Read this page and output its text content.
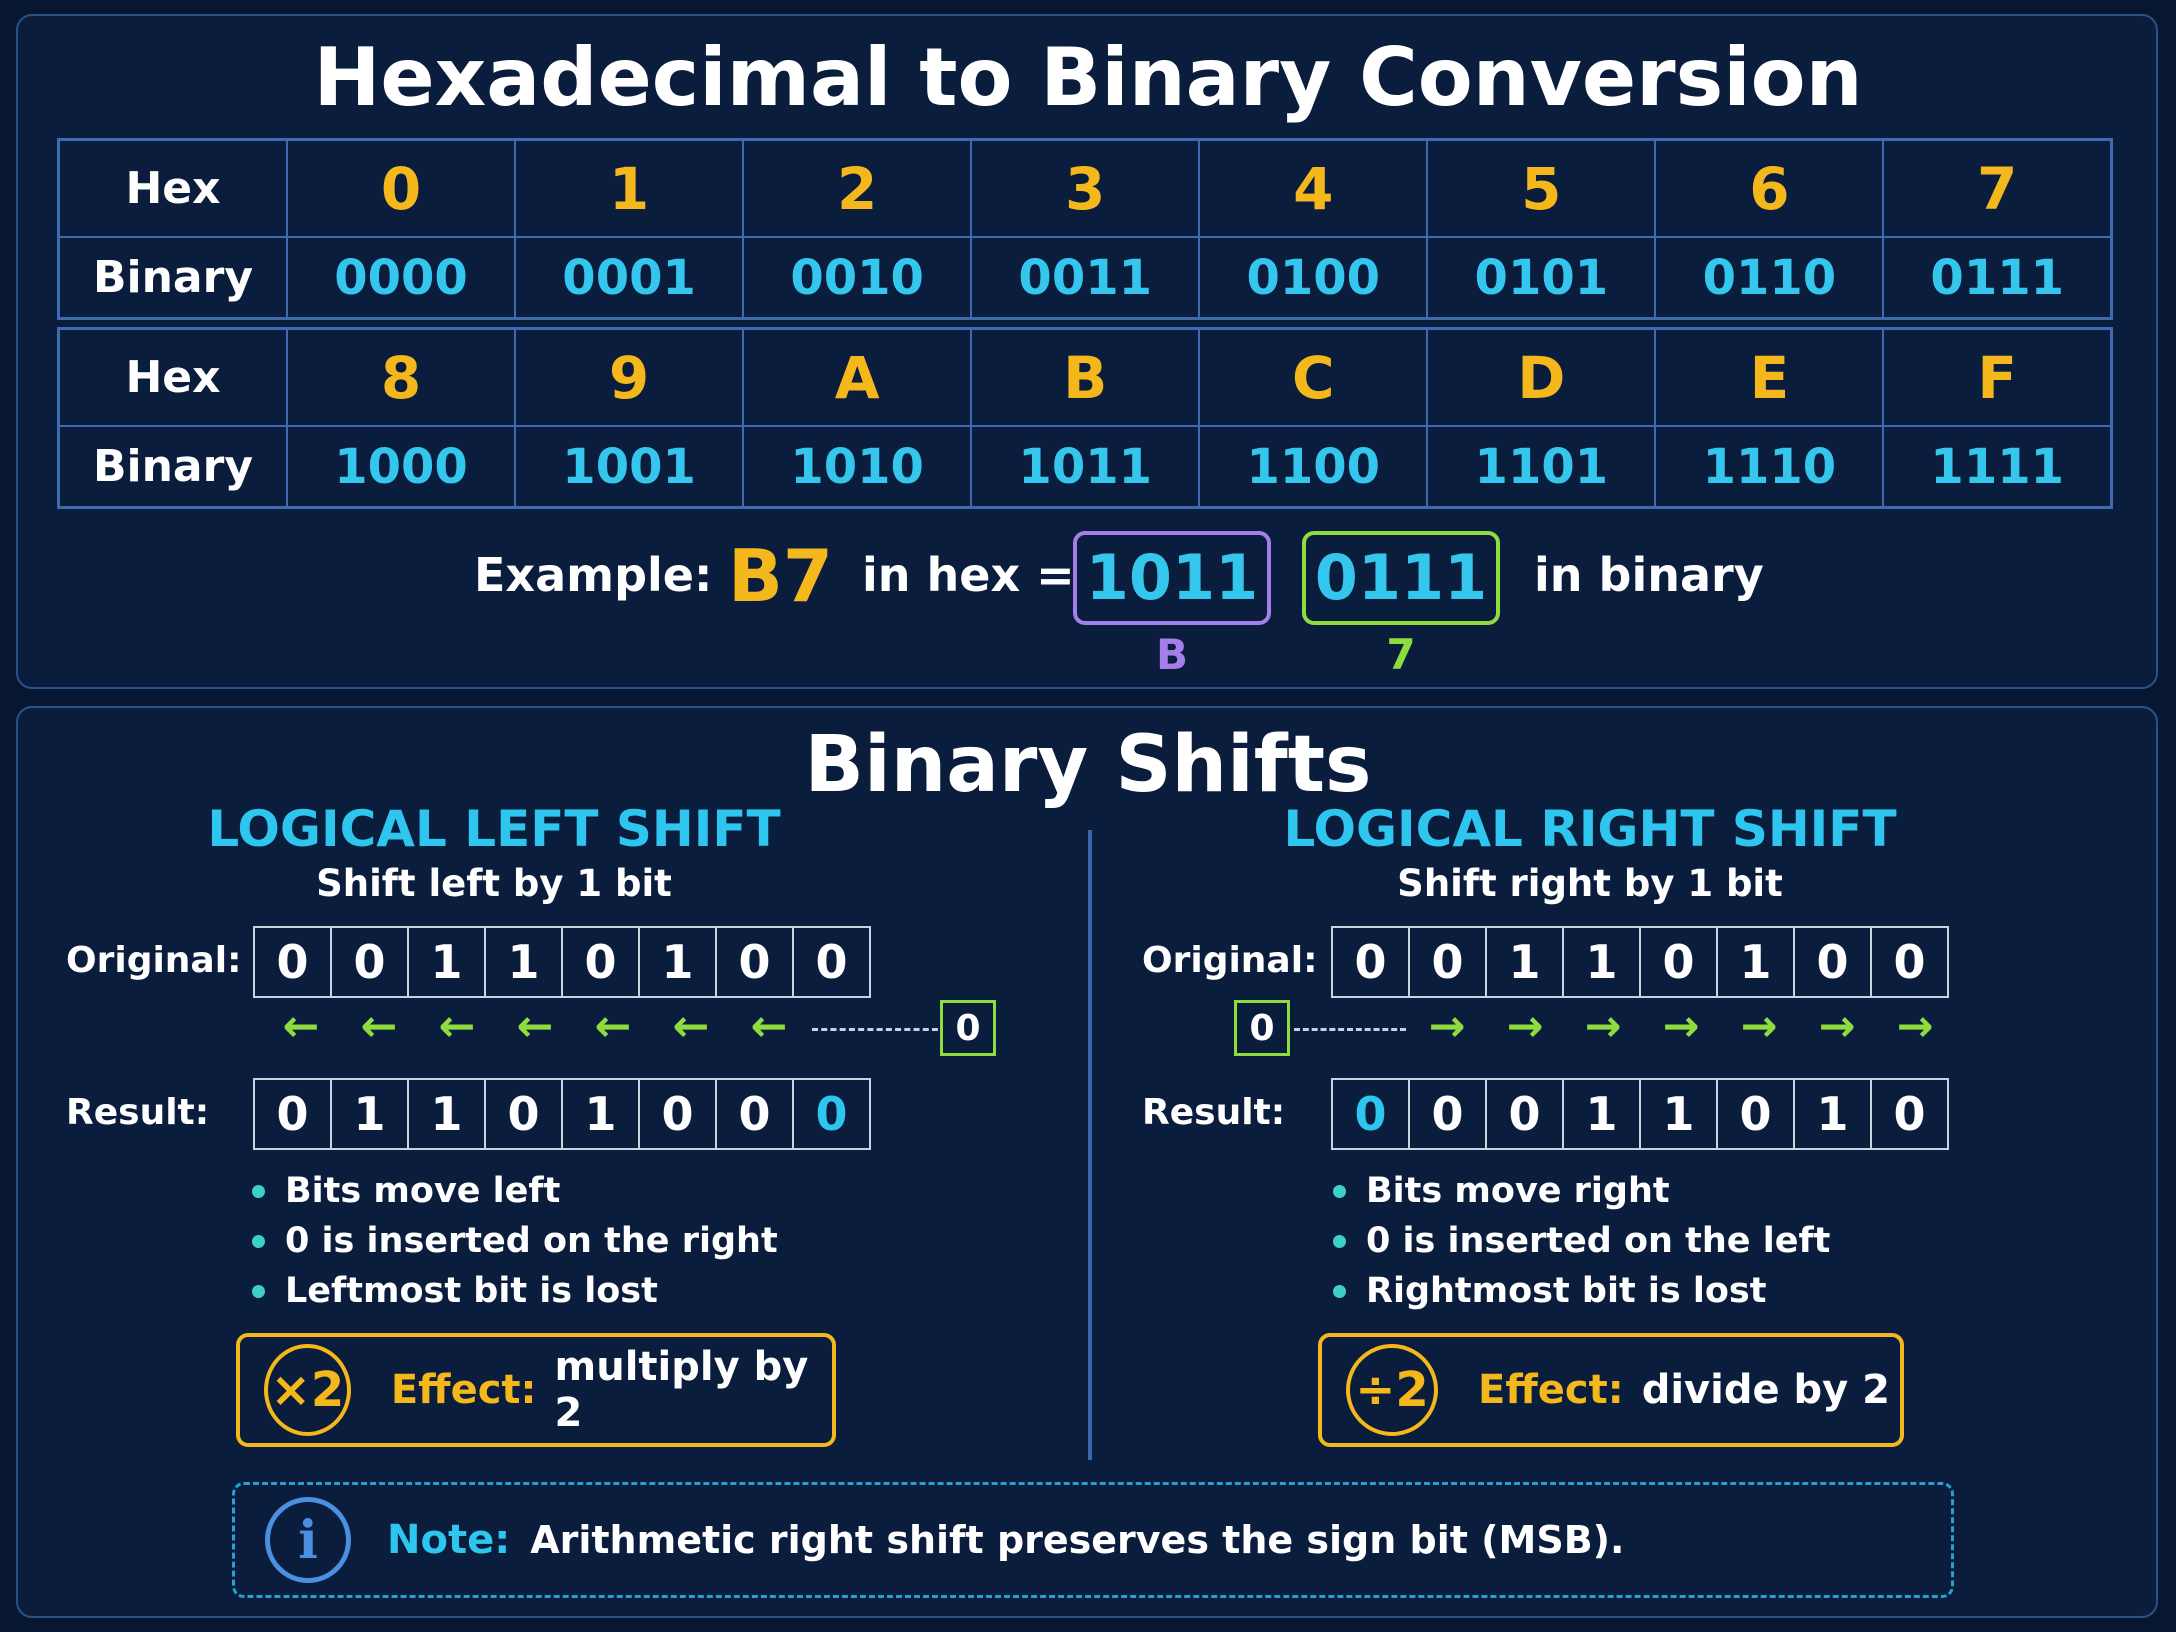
Hexadecimal to Binary Conversion
Hex	0	1	2	3	4	5	6	7
Binary	0000	0001	0010	0011	0100	0101	0110	0111
Hex	8	9	A	B	C	D	E	F
Binary	1000	1001	1010	1011	1100	1101	1110	1111
Example: B7 in hex = 1011 0111
B	7
in binary
Binary Shifts
LOGICAL LEFT SHIFT
Shift left by 1 bit
Original: 0 0 1 1 0 1 0 0
← ← ← ← ← ← ←	0
Result:	0 1 1 0 1 0 0 0
Bits move left
0 is inserted on the right
Leftmost bit is lost
×2 Effect: multiply by 2
LOGICAL RIGHT SHIFT
Shift right by 1 bit
Original: 0 0 1 1 0 1 0 0
0	→ → → → → → →
Result:	0 0 0 1 1 0 1 0
Bits move right
0 is inserted on the left
Rightmost bit is lost
÷2 Effect: divide by 2
i	Note: Arithmetic right shift preserves the sign bit (MSB).
